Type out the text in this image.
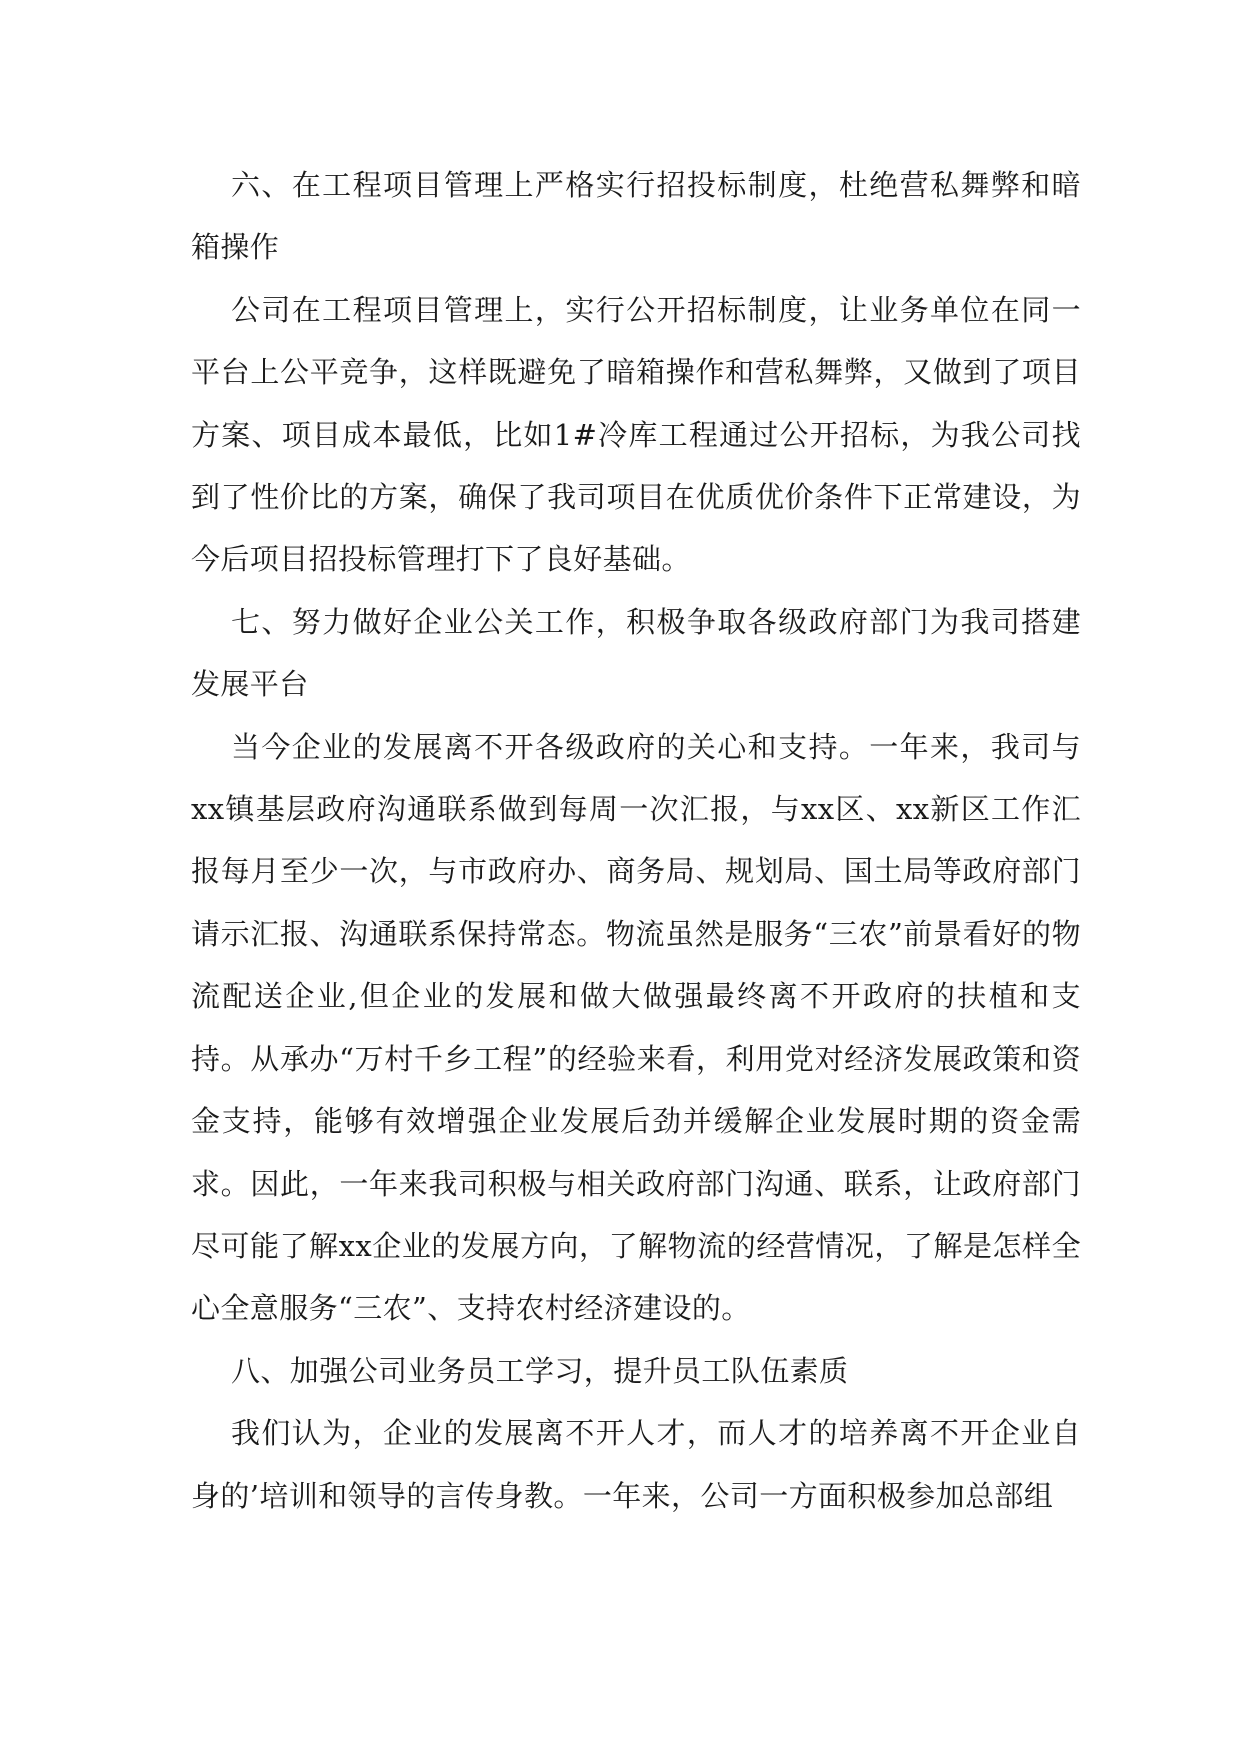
六、在工程项目管理上严格实行招投标制度，杜绝营私舞弊和暗箱操作

公司在工程项目管理上，实行公开招标制度，让业务单位在同一平台上公平竞争，这样既避免了暗箱操作和营私舞弊，又做到了项目方案、项目成本最低，比如1#冷库工程通过公开招标，为我公司找到了性价比的方案，确保了我司项目在优质优价条件下正常建设，为今后项目招投标管理打下了良好基础。

七、努力做好企业公关工作，积极争取各级政府部门为我司搭建发展平台

当今企业的发展离不开各级政府的关心和支持。一年来，我司与xx镇基层政府沟通联系做到每周一次汇报，与xx区、xx新区工作汇报每月至少一次，与市政府办、商务局、规划局、国土局等政府部门请示汇报、沟通联系保持常态。物流虽然是服务“三农”前景看好的物流配送企业,但企业的发展和做大做强最终离不开政府的扶植和支持。从承办“万村千乡工程”的经验来看，利用党对经济发展政策和资金支持，能够有效增强企业发展后劲并缓解企业发展时期的资金需求。因此，一年来我司积极与相关政府部门沟通、联系，让政府部门尽可能了解xx企业的发展方向，了解物流的经营情况，了解是怎样全心全意服务“三农”、支持农村经济建设的。

八、加强公司业务员工学习，提升员工队伍素质

我们认为，企业的发展离不开人才，而人才的培养离不开企业自身的’培训和领导的言传身教。一年来，公司一方面积极参加总部组
